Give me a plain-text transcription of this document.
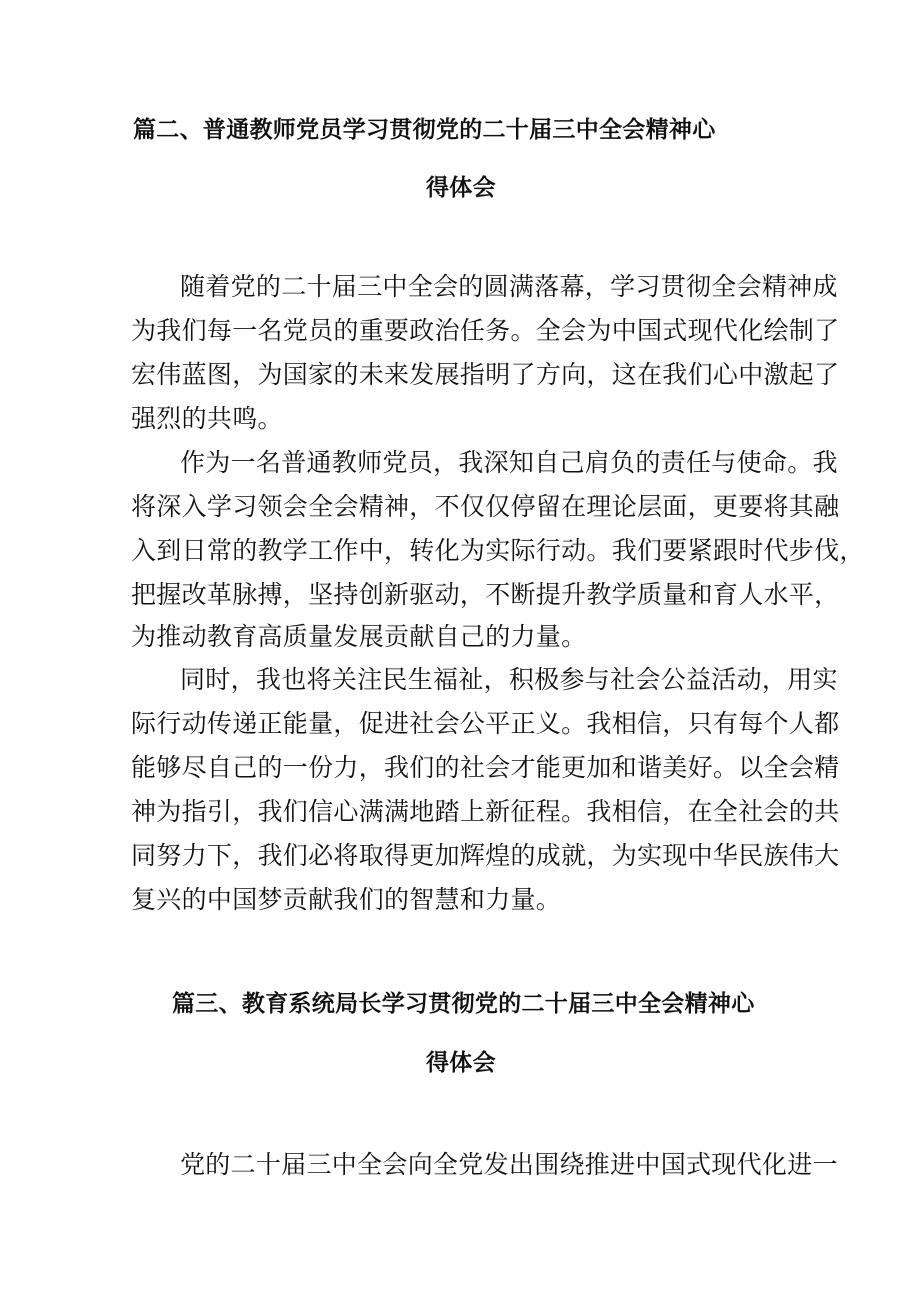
篇二、普通教师党员学习贯彻党的二十届三中全会精神心
得体会
随着党的二十届三中全会的圆满落幕，学习贯彻全会精神成
为我们每一名党员的重要政治任务。全会为中国式现代化绘制了
宏伟蓝图，为国家的未来发展指明了方向，这在我们心中激起了
强烈的共鸣。
作为一名普通教师党员，我深知自己肩负的责任与使命。我
将深入学习领会全会精神，不仅仅停留在理论层面，更要将其融
入到日常的教学工作中，转化为实际行动。我们要紧跟时代步伐，
把握改革脉搏，坚持创新驱动，不断提升教学质量和育人水平，
为推动教育高质量发展贡献自己的力量。
同时，我也将关注民生福祉，积极参与社会公益活动，用实
际行动传递正能量，促进社会公平正义。我相信，只有每个人都
能够尽自己的一份力，我们的社会才能更加和谐美好。以全会精
神为指引，我们信心满满地踏上新征程。我相信，在全社会的共
同努力下，我们必将取得更加辉煌的成就，为实现中华民族伟大
复兴的中国梦贡献我们的智慧和力量。
篇三、教育系统局长学习贯彻党的二十届三中全会精神心
得体会
党的二十届三中全会向全党发出围绕推进中国式现代化进一
